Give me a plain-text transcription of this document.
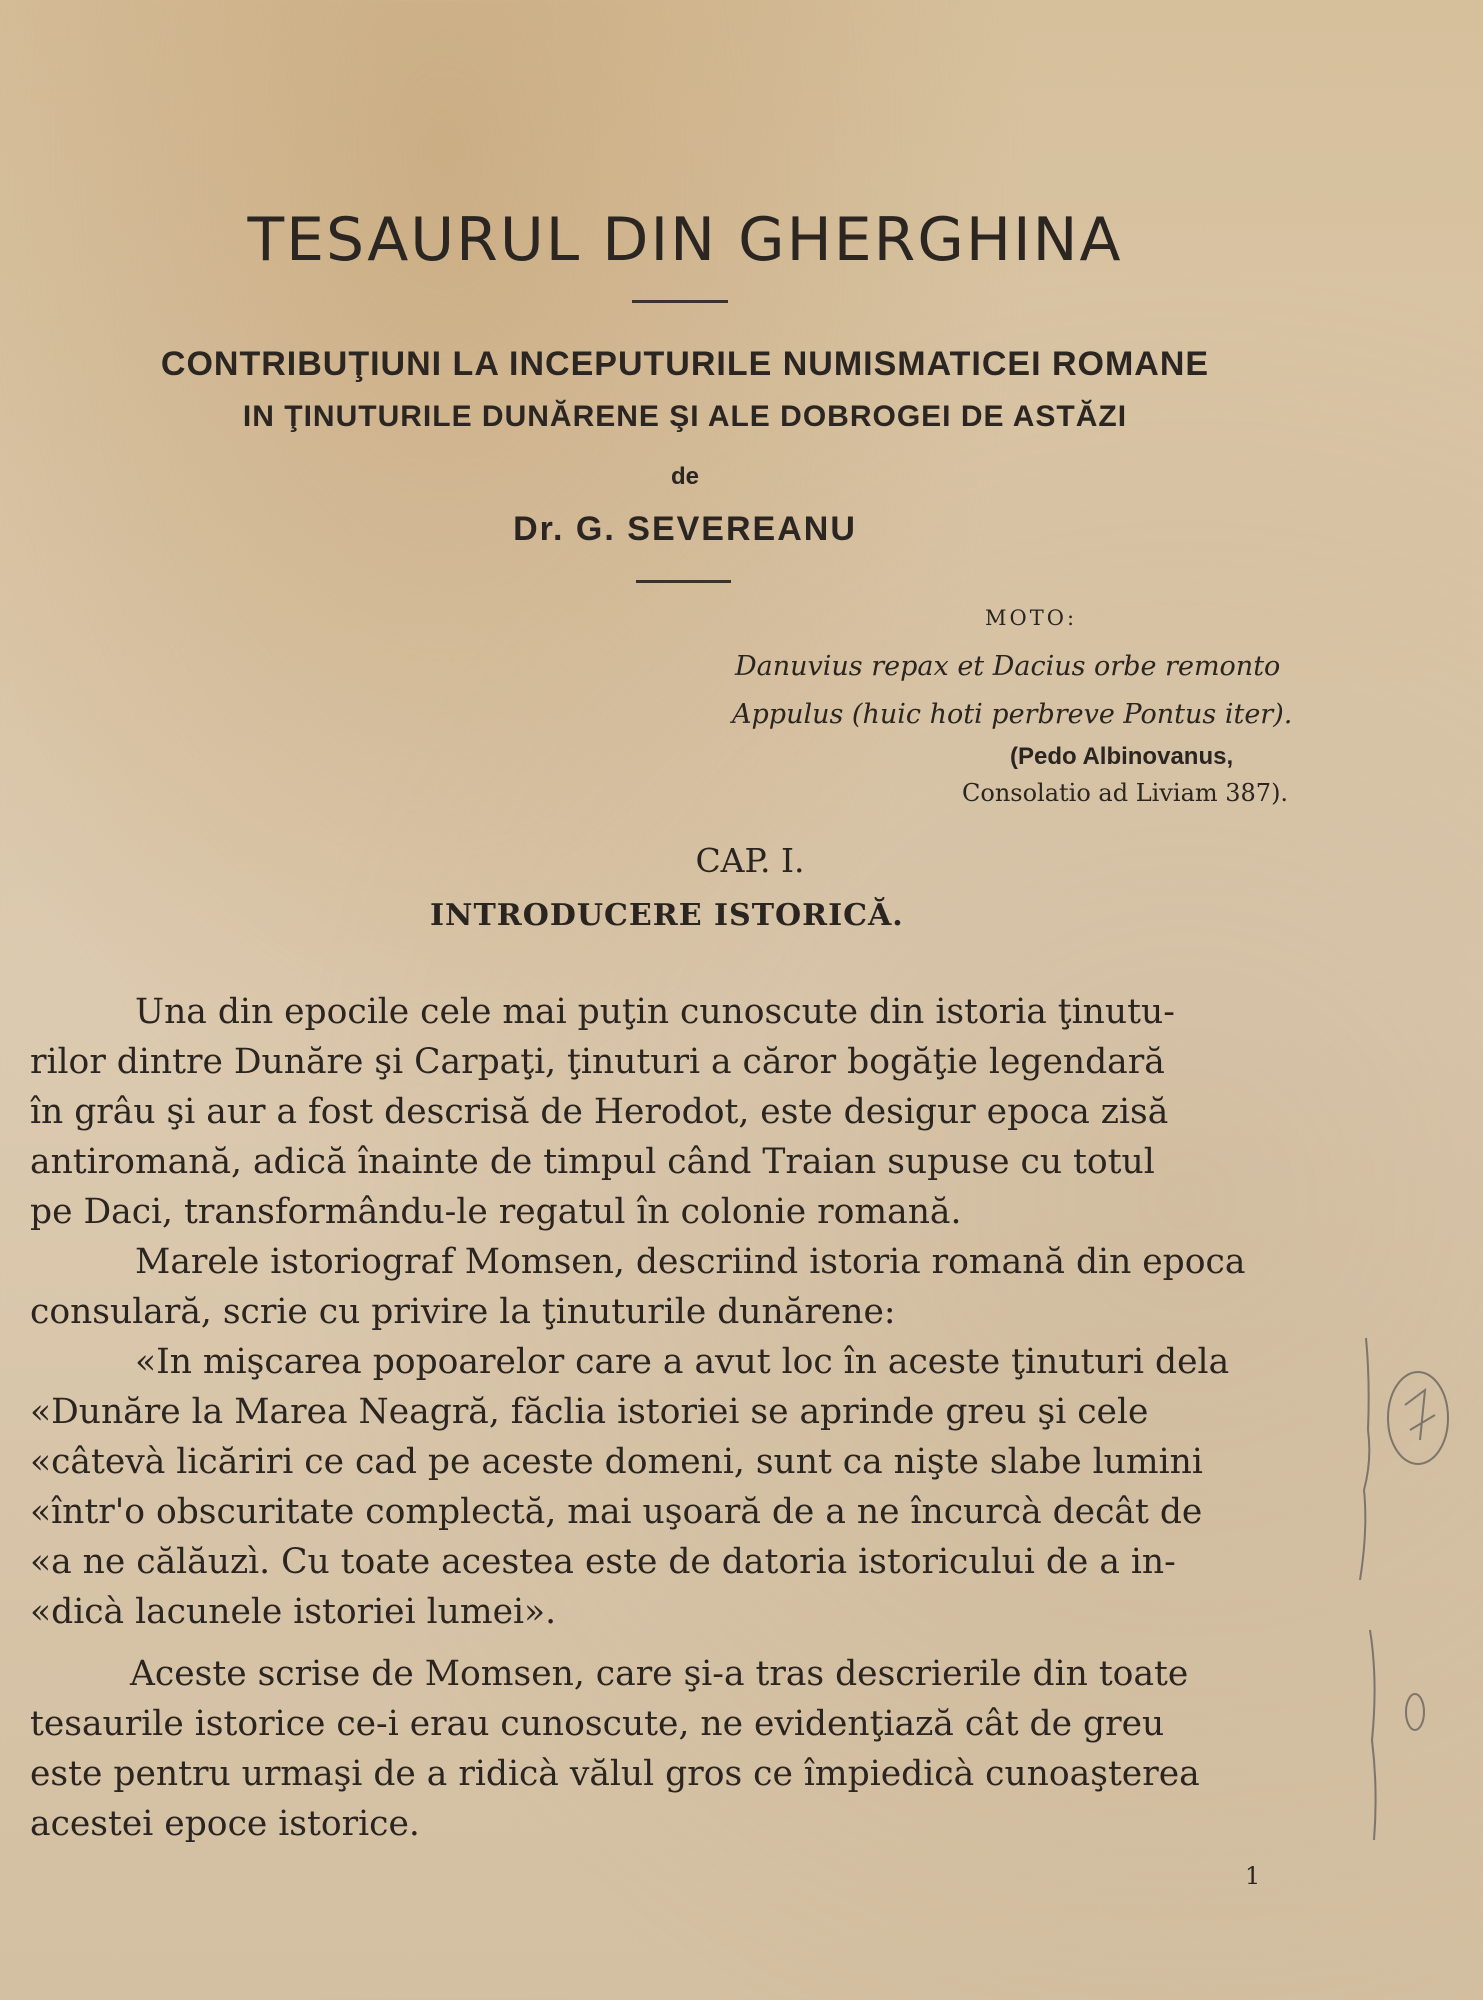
TESAURUL DIN GHERGHINA
CONTRIBUŢIUNI LA INCEPUTURILE NUMISMATICEI ROMANE
IN ŢINUTURILE DUNĂRENE ŞI ALE DOBROGEI DE ASTĂZI
de
Dr. G. SEVEREANU
MOTO:
Danuvius repax et Dacius orbe remonto
Appulus (huic hoti perbreve Pontus iter).
(Pedo Albinovanus,
Consolatio ad Liviam 387).
CAP. I.
INTRODUCERE ISTORICĂ.
Una din epocile cele mai puţin cunoscute din istoria ţinutu-
rilor dintre Dunăre şi Carpaţi, ţinuturi a căror bogăţie legendară
în grâu şi aur a fost descrisă de Herodot, este desigur epoca zisă
antiromană, adică înainte de timpul când Traian supuse cu totul
pe Daci, transformându-le regatul în colonie romană.
Marele istoriograf Momsen, descriind istoria romană din epoca
consulară, scrie cu privire la ţinuturile dunărene:
«In mişcarea popoarelor care a avut loc în aceste ţinuturi dela
«Dunăre la Marea Neagră, făclia istoriei se aprinde greu şi cele
«câtevà licăriri ce cad pe aceste domeni, sunt ca nişte slabe lumini
«într'o obscuritate complectă, mai uşoară de a ne încurcà decât de
«a ne călăuzì. Cu toate acestea este de datoria istoricului de a in-
«dicà lacunele istoriei lumei».
Aceste scrise de Momsen, care şi-a tras descrierile din toate
tesaurile istorice ce-i erau cunoscute, ne evidenţiază cât de greu
este pentru urmaşi de a ridicà vălul gros ce împiedicà cunoaşterea
acestei epoce istorice.
1
